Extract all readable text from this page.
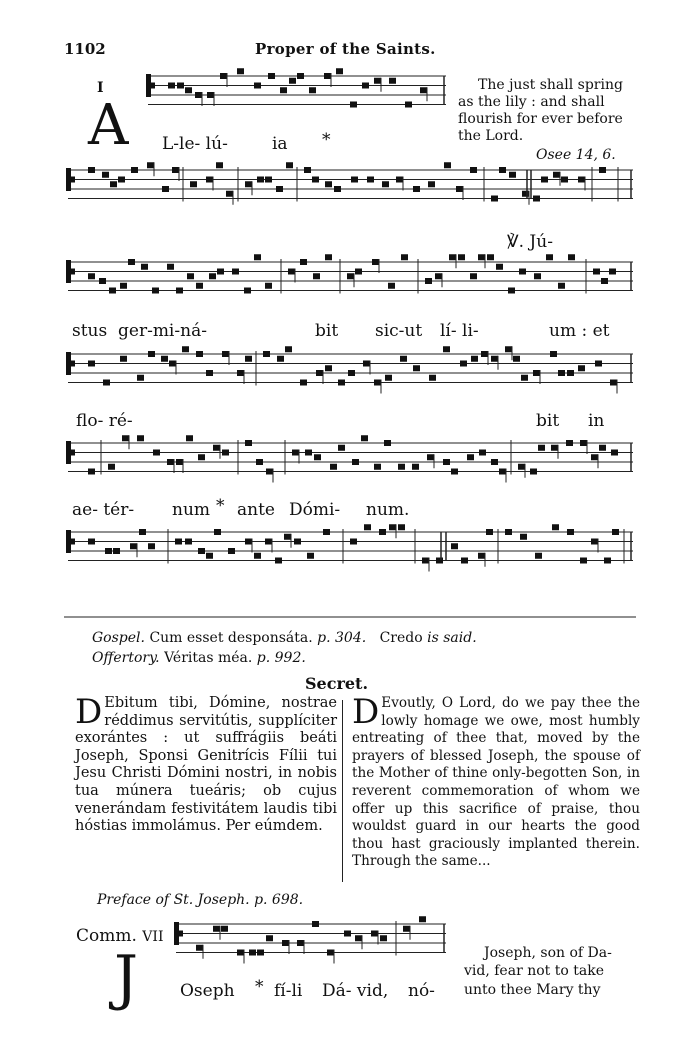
1102	Proper of the Saints.
I
A L-le- lú-	ia *
The just shall spring
as the lily : and shall
flourish for ever before
the Lord.
Osee 14, 6.
℣. Jú-
stus ger-mi-ná-	bit sic-ut lí- li-	um : et
flo- ré-	bit in
ae- tér- num * ante Dómi- num.
Gospel. Cum esset desponsáta. p. 304. Credo is said.
Offertory. Véritas méa. p. 992.
Secret.
D Ebitum tibi, Dómine, nostrae réddimus servitútis, supplíciter exorántes : ut suffrágiis beáti Joseph, Sponsi Genitrícis Fílii tui Jesu Christi Dómini nostri, in nobis tua múnera tueáris; ob cujus venerándam festivitátem laudis tibi hóstias immolámus. Per eúmdem.

D Evoutly, O Lord, do we pay thee the lowly homage we owe, most humbly entreating of thee that, moved by the prayers of blessed Joseph, the spouse of the Mother of thine only-begotten Son, in reverent commemoration of whom we offer up this sacrifice of praise, thou wouldst guard in our hearts the good thou hast graciously implanted therein. Through the same...

Preface of St. Joseph. p. 698.
Comm. VII
J Oseph * fí-li Dá- vid, nó-
Joseph, son of Da-
vid, fear not to take
unto thee Mary thy
